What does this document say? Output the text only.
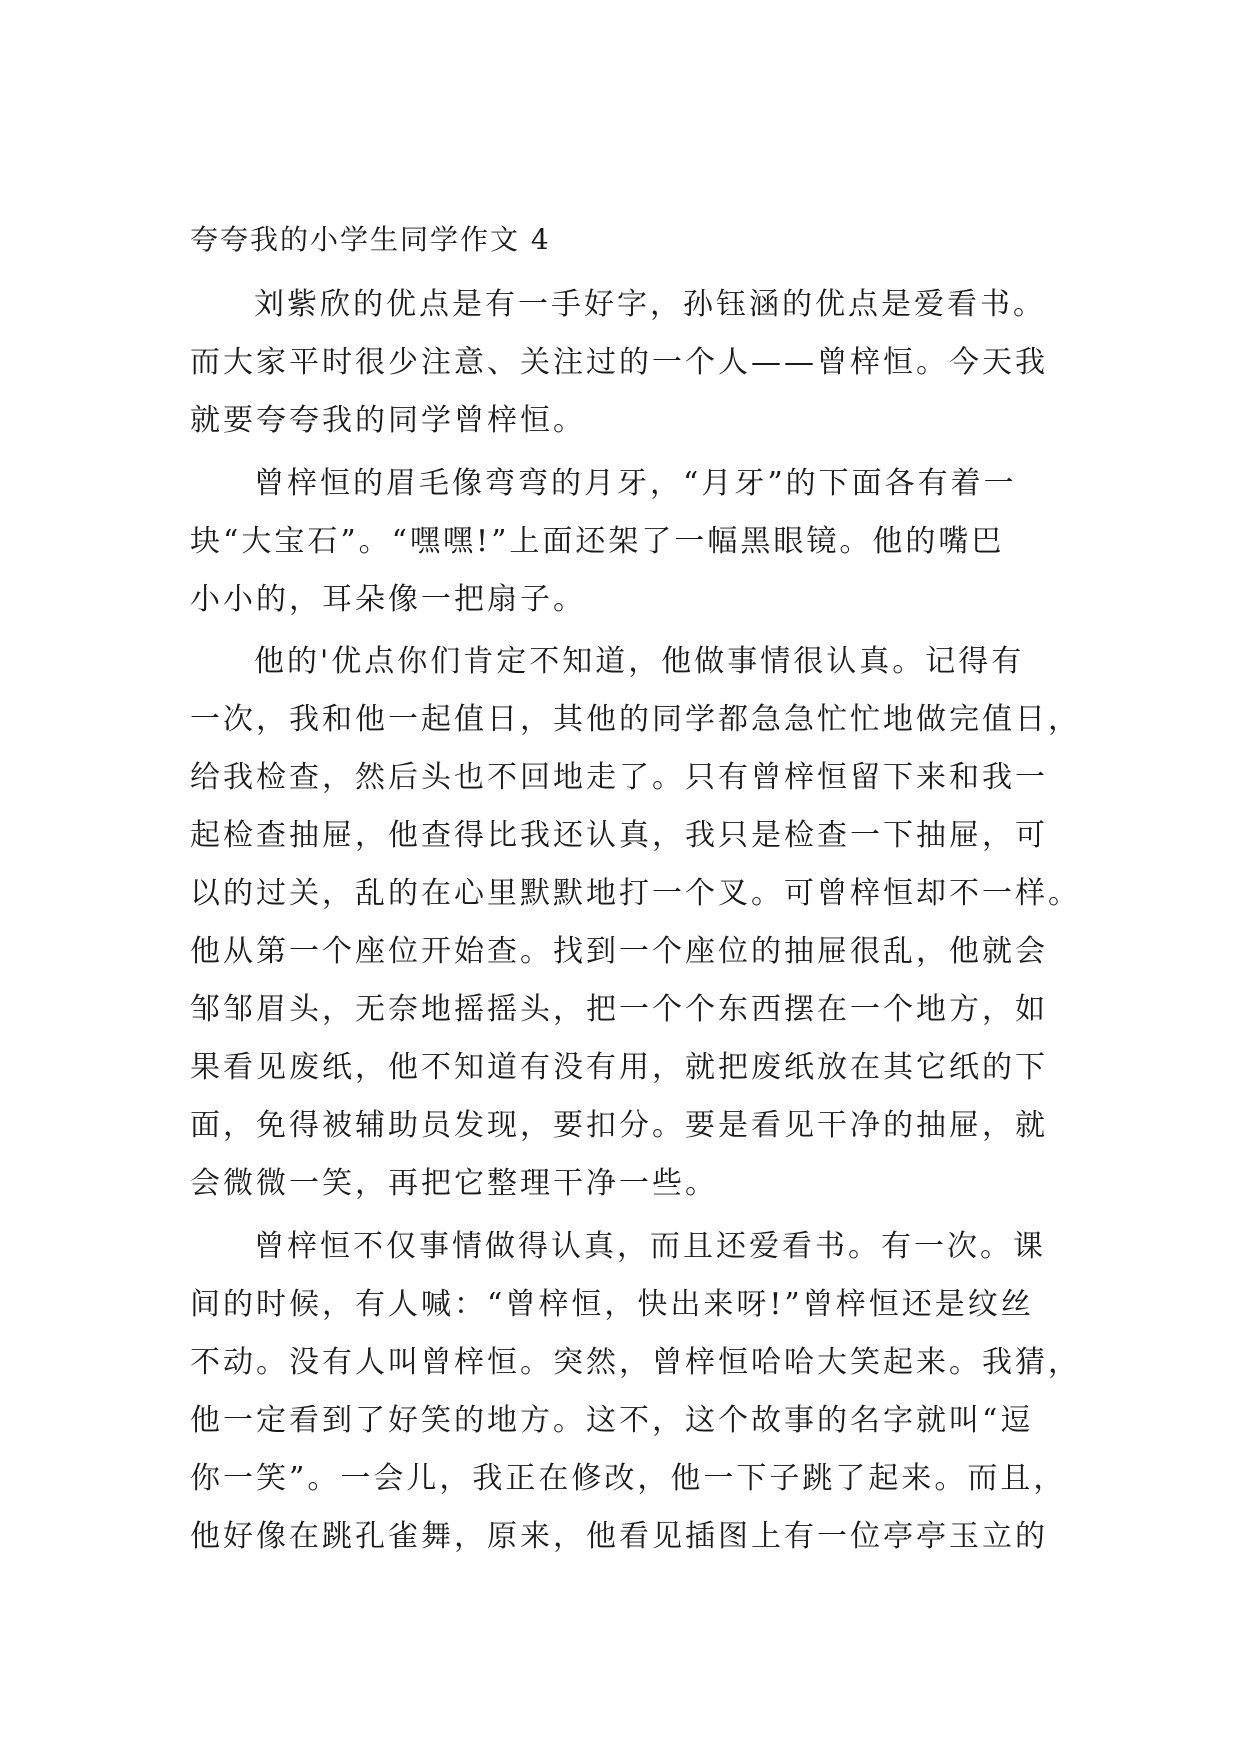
夸夸我的小学生同学作文 4
刘紫欣的优点是有一手好字，孙钰涵的优点是爱看书。
而大家平时很少注意、关注过的一个人——曾梓恒。今天我
就要夸夸我的同学曾梓恒。
曾梓恒的眉毛像弯弯的月牙，“月牙”的下面各有着一
块“大宝石”。“嘿嘿!”上面还架了一幅黑眼镜。他的嘴巴
小小的，耳朵像一把扇子。
他的'优点你们肯定不知道，他做事情很认真。记得有
一次，我和他一起值日，其他的同学都急急忙忙地做完值日，
给我检查，然后头也不回地走了。只有曾梓恒留下来和我一
起检查抽屉，他查得比我还认真，我只是检查一下抽屉，可
以的过关，乱的在心里默默地打一个叉。可曾梓恒却不一样。
他从第一个座位开始查。找到一个座位的抽屉很乱，他就会
邹邹眉头，无奈地摇摇头，把一个个东西摆在一个地方，如
果看见废纸，他不知道有没有用，就把废纸放在其它纸的下
面，免得被辅助员发现，要扣分。要是看见干净的抽屉，就
会微微一笑，再把它整理干净一些。
曾梓恒不仅事情做得认真，而且还爱看书。有一次。课
间的时候，有人喊：“曾梓恒，快出来呀!”曾梓恒还是纹丝
不动。没有人叫曾梓恒。突然，曾梓恒哈哈大笑起来。我猜，
他一定看到了好笑的地方。这不，这个故事的名字就叫“逗
你一笑”。一会儿，我正在修改，他一下子跳了起来。而且，
他好像在跳孔雀舞，原来，他看见插图上有一位亭亭玉立的
